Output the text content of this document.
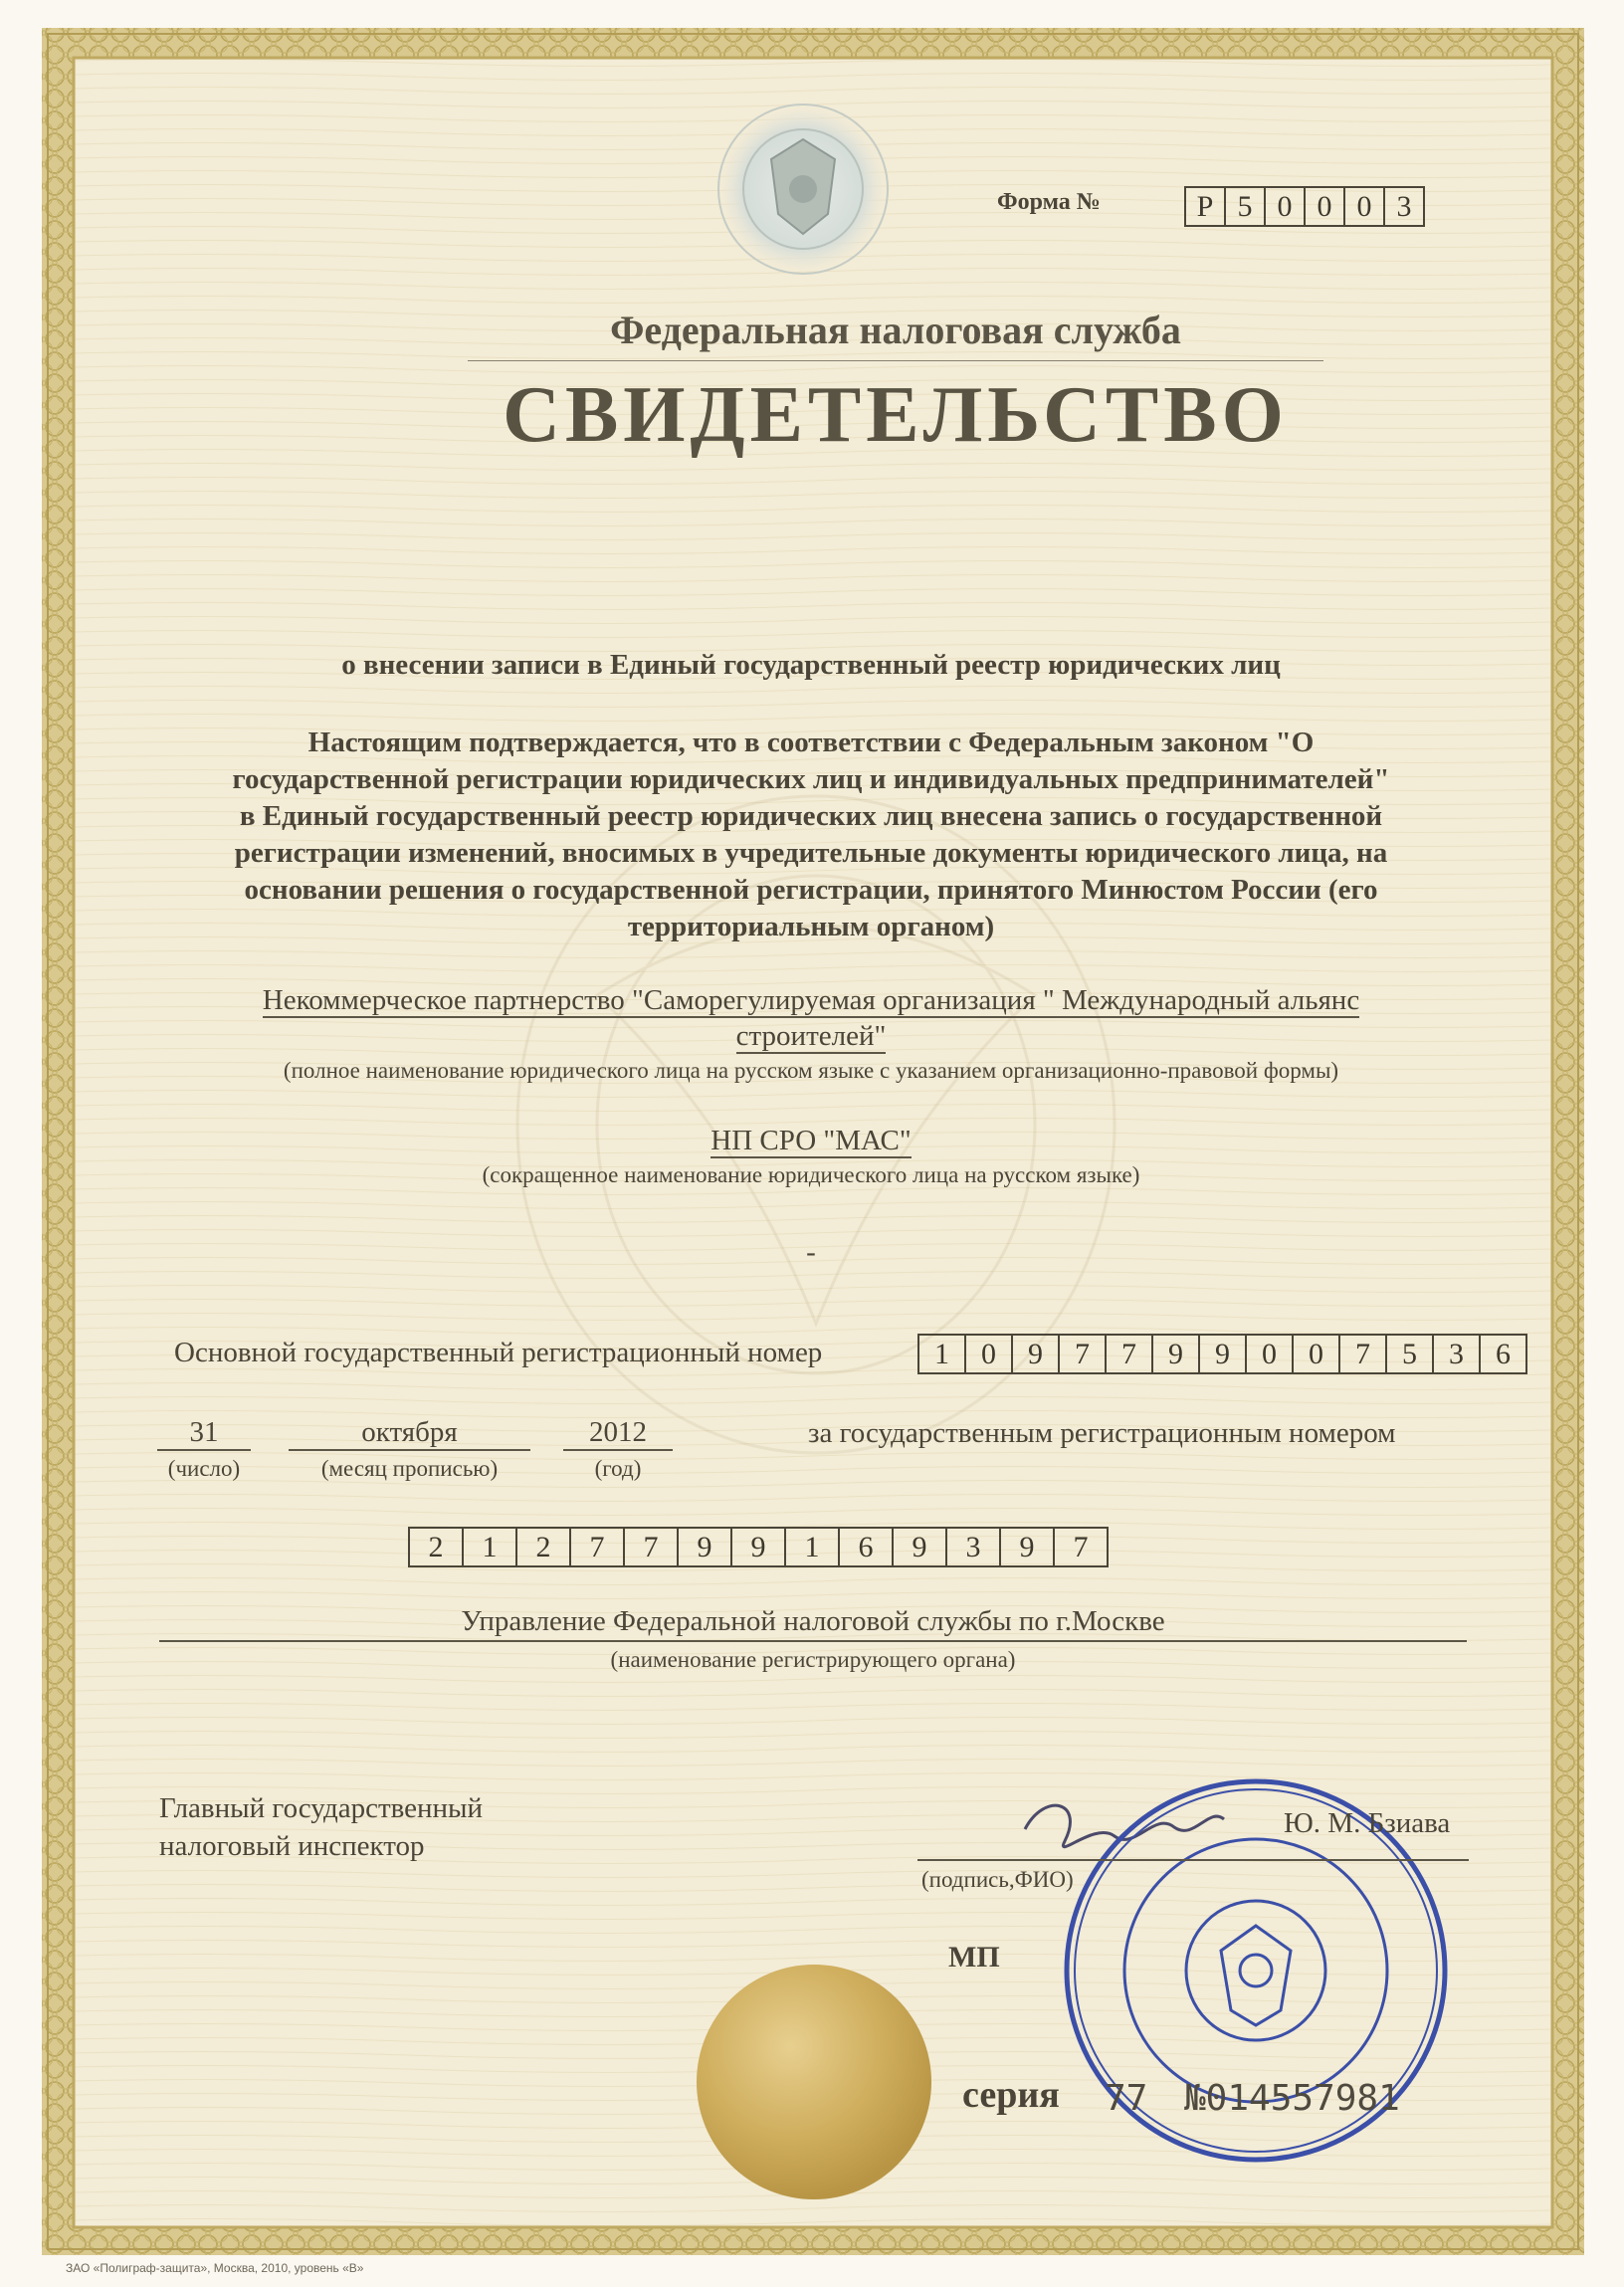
Форма №	Р 5 0 0 0 3
Федеральная налоговая служба
СВИДЕТЕЛЬСТВО
о внесении записи в Единый государственный реестр юридических лиц
Настоящим подтверждается, что в соответствии с Федеральным законом "О
государственной регистрации юридических лиц и индивидуальных предпринимателей"
в Единый государственный реестр юридических лиц внесена запись о государственной
регистрации изменений, вносимых в учредительные документы юридического лица, на
основании решения о государственной регистрации, принятого Минюстом России (его
территориальным органом)
Некоммерческое партнерство "Саморегулируемая организация " Международный альянс
строителей"
(полное наименование юридического лица на русском языке с указанием организационно-правовой формы)
НП СРО "МАС"
(сокращенное наименование юридического лица на русском языке)
-
Основной государственный регистрационный номер	1	0	9	7	7	9	9	0	0	7	5	3	6
31	октября	2012
(число)	(месяц прописью)	(год)
за государственным регистрационным номером
2	1	2	7	7	9	9	1	6	9	3	9	7
Управление Федеральной налоговой службы по г.Москве
(наименование регистрирующего органа)
Главный государственный
налоговый инспектор
Ю. М. Бзиава
(подпись,ФИО)
МП
серия 77 №014557981
ЗАО «Полиграф-защита», Москва, 2010, уровень «В»
